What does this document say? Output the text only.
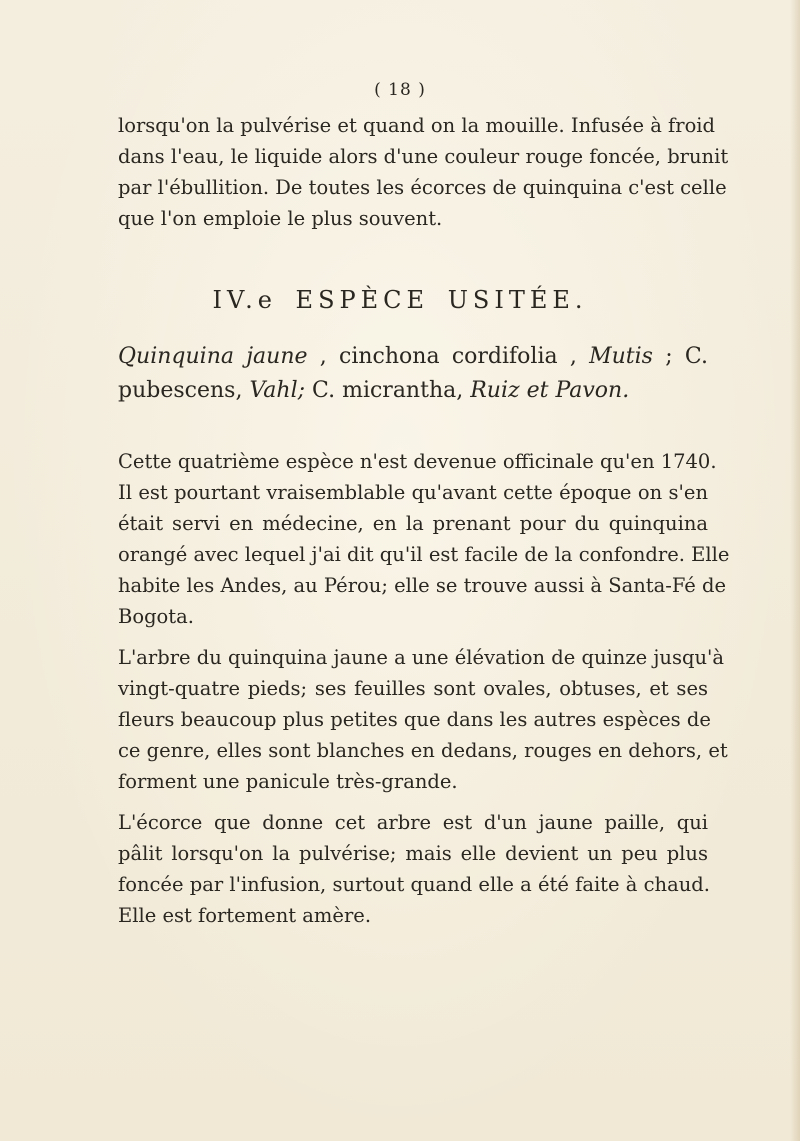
( 18 )
lorsqu'on la pulvérise et quand on la mouille. Infusée à froid
dans l'eau, le liquide alors d'une couleur rouge foncée, brunit
par l'ébullition. De toutes les écorces de quinquina c'est celle
que l'on emploie le plus souvent.
IV.e ESPÈCE USITÉE.
Quinquina jaune , cinchona cordifolia , Mutis ; C.
pubescens, Vahl; C. micrantha, Ruiz et Pavon.
Cette quatrième espèce n'est devenue officinale qu'en 1740.
Il est pourtant vraisemblable qu'avant cette époque on s'en
était servi en médecine, en la prenant pour du quinquina
orangé avec lequel j'ai dit qu'il est facile de la confondre. Elle
habite les Andes, au Pérou; elle se trouve aussi à Santa-Fé de
Bogota.
L'arbre du quinquina jaune a une élévation de quinze jusqu'à
vingt-quatre pieds; ses feuilles sont ovales, obtuses, et ses
fleurs beaucoup plus petites que dans les autres espèces de
ce genre, elles sont blanches en dedans, rouges en dehors, et
forment une panicule très-grande.
L'écorce que donne cet arbre est d'un jaune paille, qui
pâlit lorsqu'on la pulvérise; mais elle devient un peu plus
foncée par l'infusion, surtout quand elle a été faite à chaud.
Elle est fortement amère.
